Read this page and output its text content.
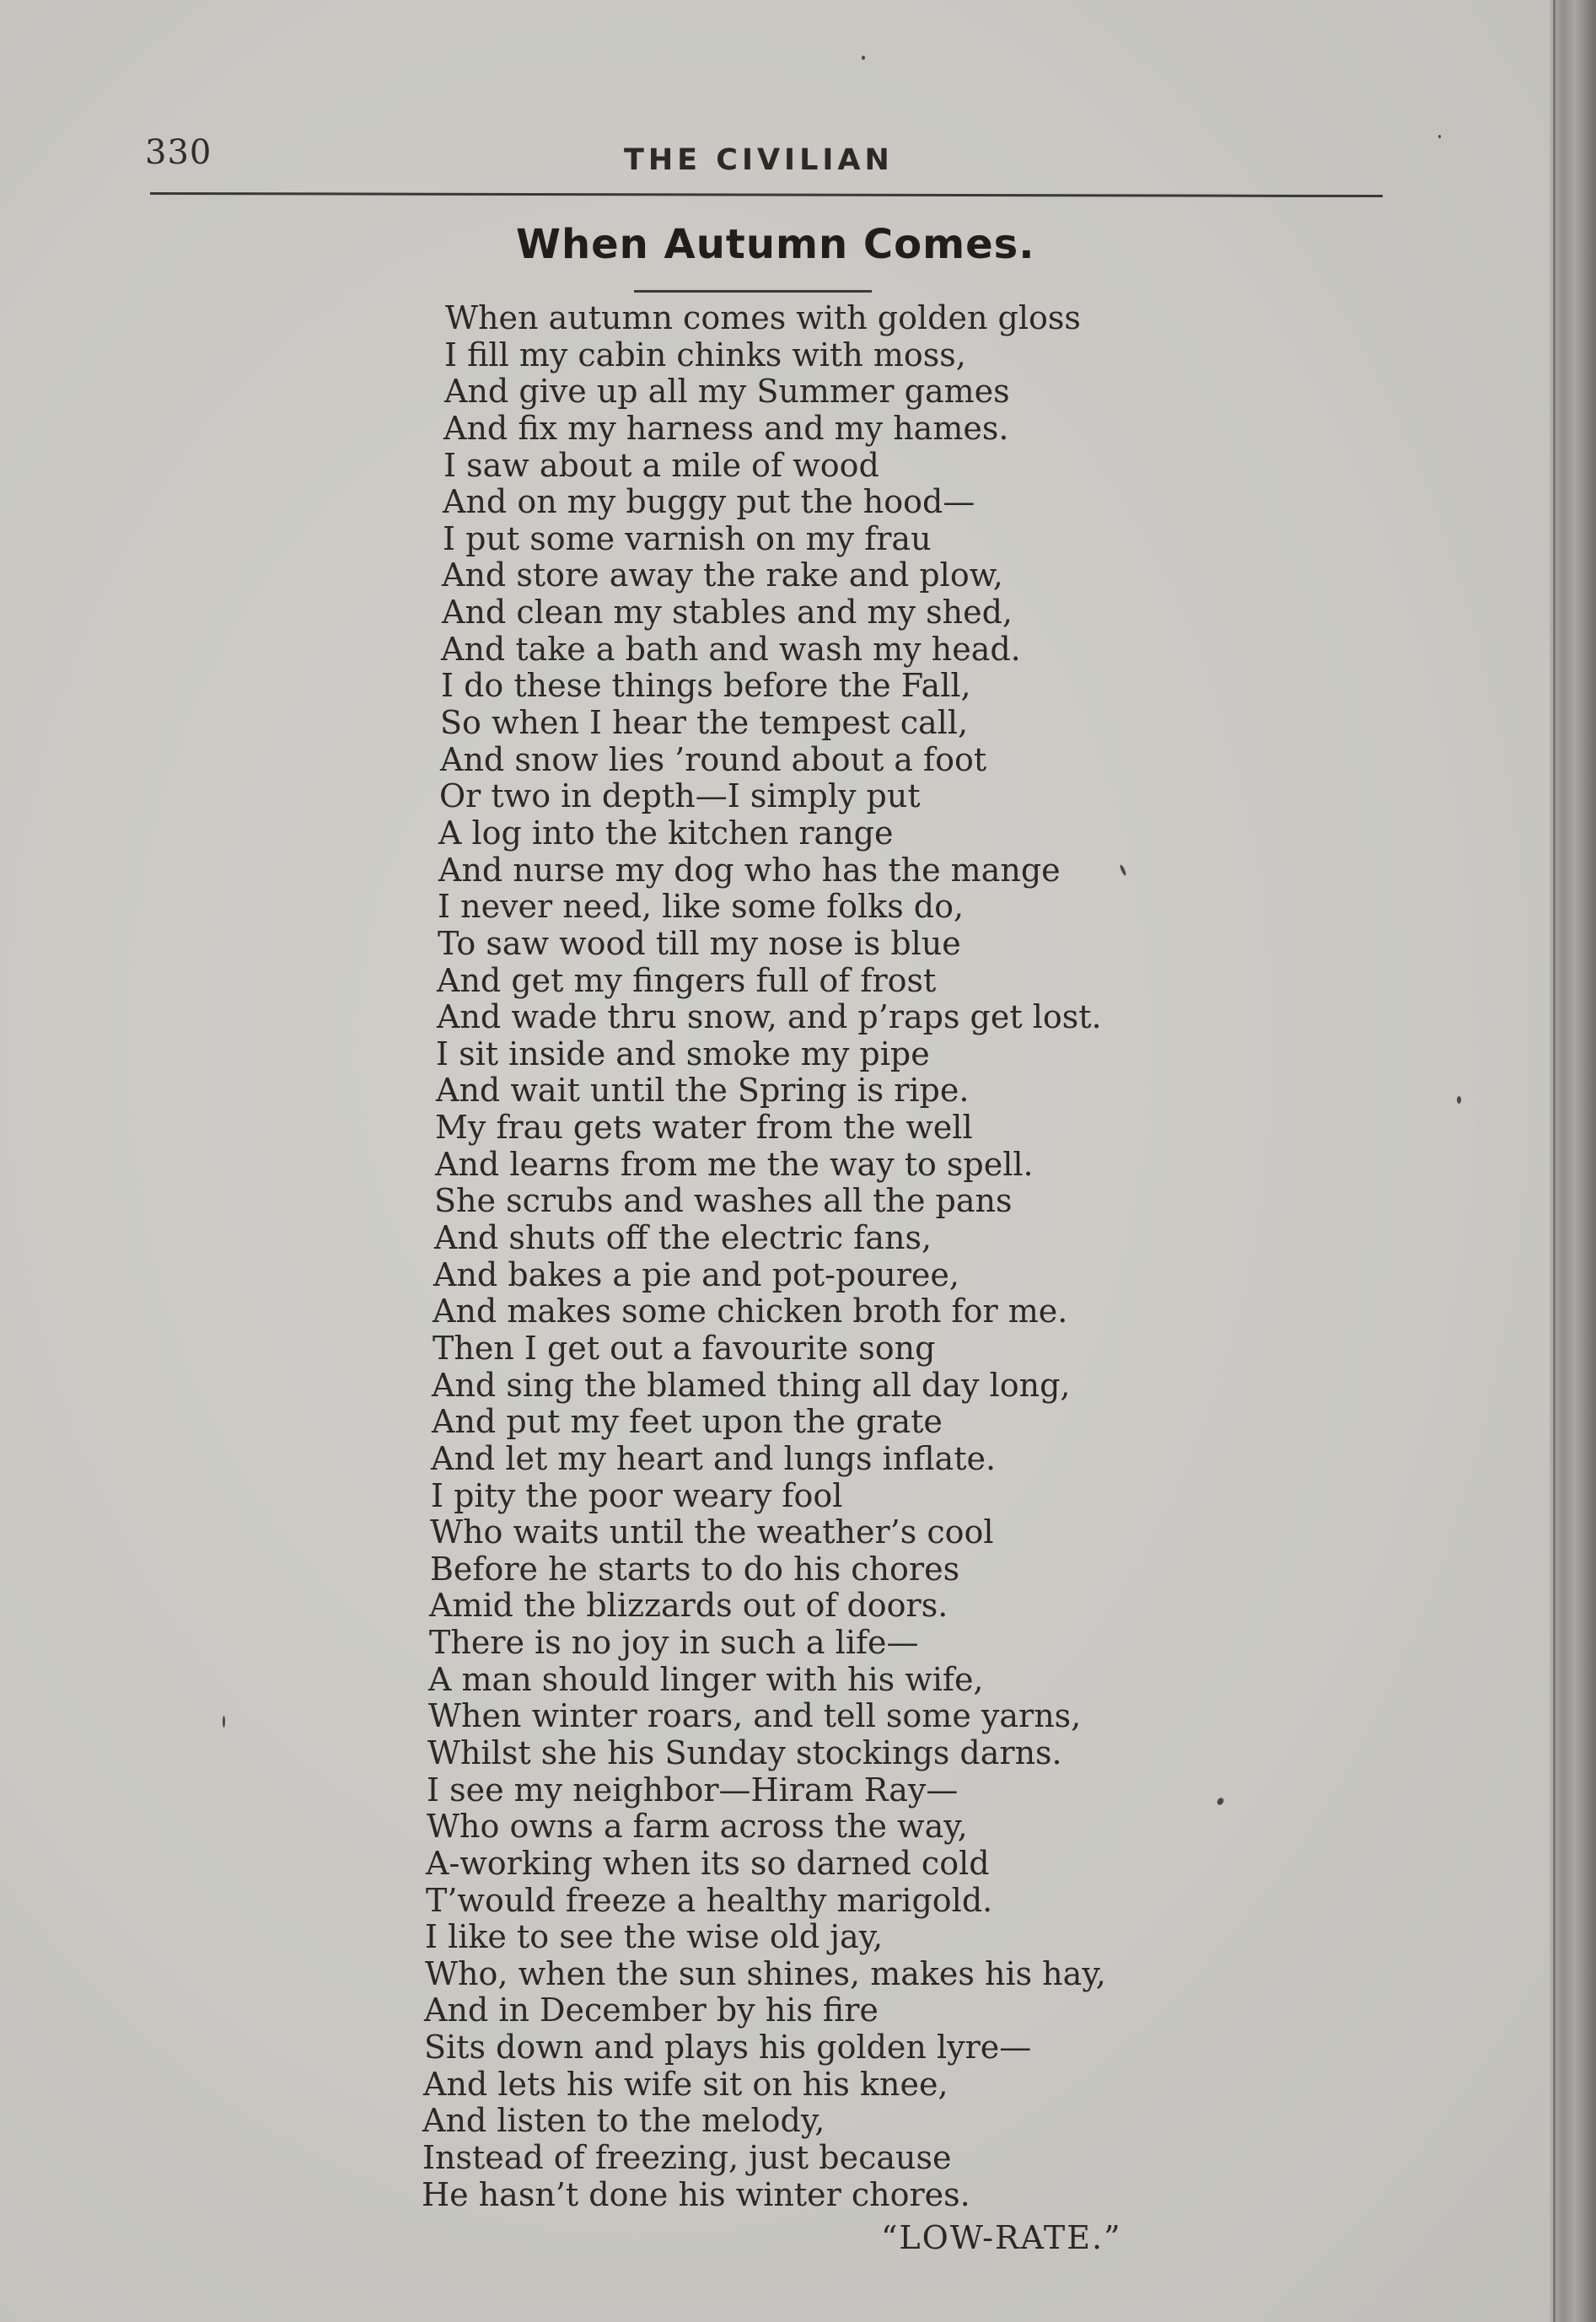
330	THE CIVILIAN
When Autumn Comes.
When autumn comes with golden gloss
I fill my cabin chinks with moss,
And give up all my Summer games
And fix my harness and my hames.
I saw about a mile of wood
And on my buggy put the hood—
I put some varnish on my frau
And store away the rake and plow,
And clean my stables and my shed,
And take a bath and wash my head.
I do these things before the Fall,
So when I hear the tempest call,
And snow lies ’round about a foot
Or two in depth—I simply put
A log into the kitchen range
And nurse my dog who has the mange
I never need, like some folks do,
To saw wood till my nose is blue
And get my fingers full of frost
And wade thru snow, and p’raps get lost.
I sit inside and smoke my pipe
And wait until the Spring is ripe.
My frau gets water from the well
And learns from me the way to spell.
She scrubs and washes all the pans
And shuts off the electric fans,
And bakes a pie and pot-pouree,
And makes some chicken broth for me.
Then I get out a favourite song
And sing the blamed thing all day long,
And put my feet upon the grate
And let my heart and lungs inflate.
I pity the poor weary fool
Who waits until the weather’s cool
Before he starts to do his chores
Amid the blizzards out of doors.
There is no joy in such a life—
A man should linger with his wife,
When winter roars, and tell some yarns,
Whilst she his Sunday stockings darns.
I see my neighbor—Hiram Ray—
Who owns a farm across the way,
A-working when its so darned cold
T’would freeze a healthy marigold.
I like to see the wise old jay,
Who, when the sun shines, makes his hay,
And in December by his fire
Sits down and plays his golden lyre—
And lets his wife sit on his knee,
And listen to the melody,
Instead of freezing, just because
He hasn’t done his winter chores.
“LOW-RATE.”
